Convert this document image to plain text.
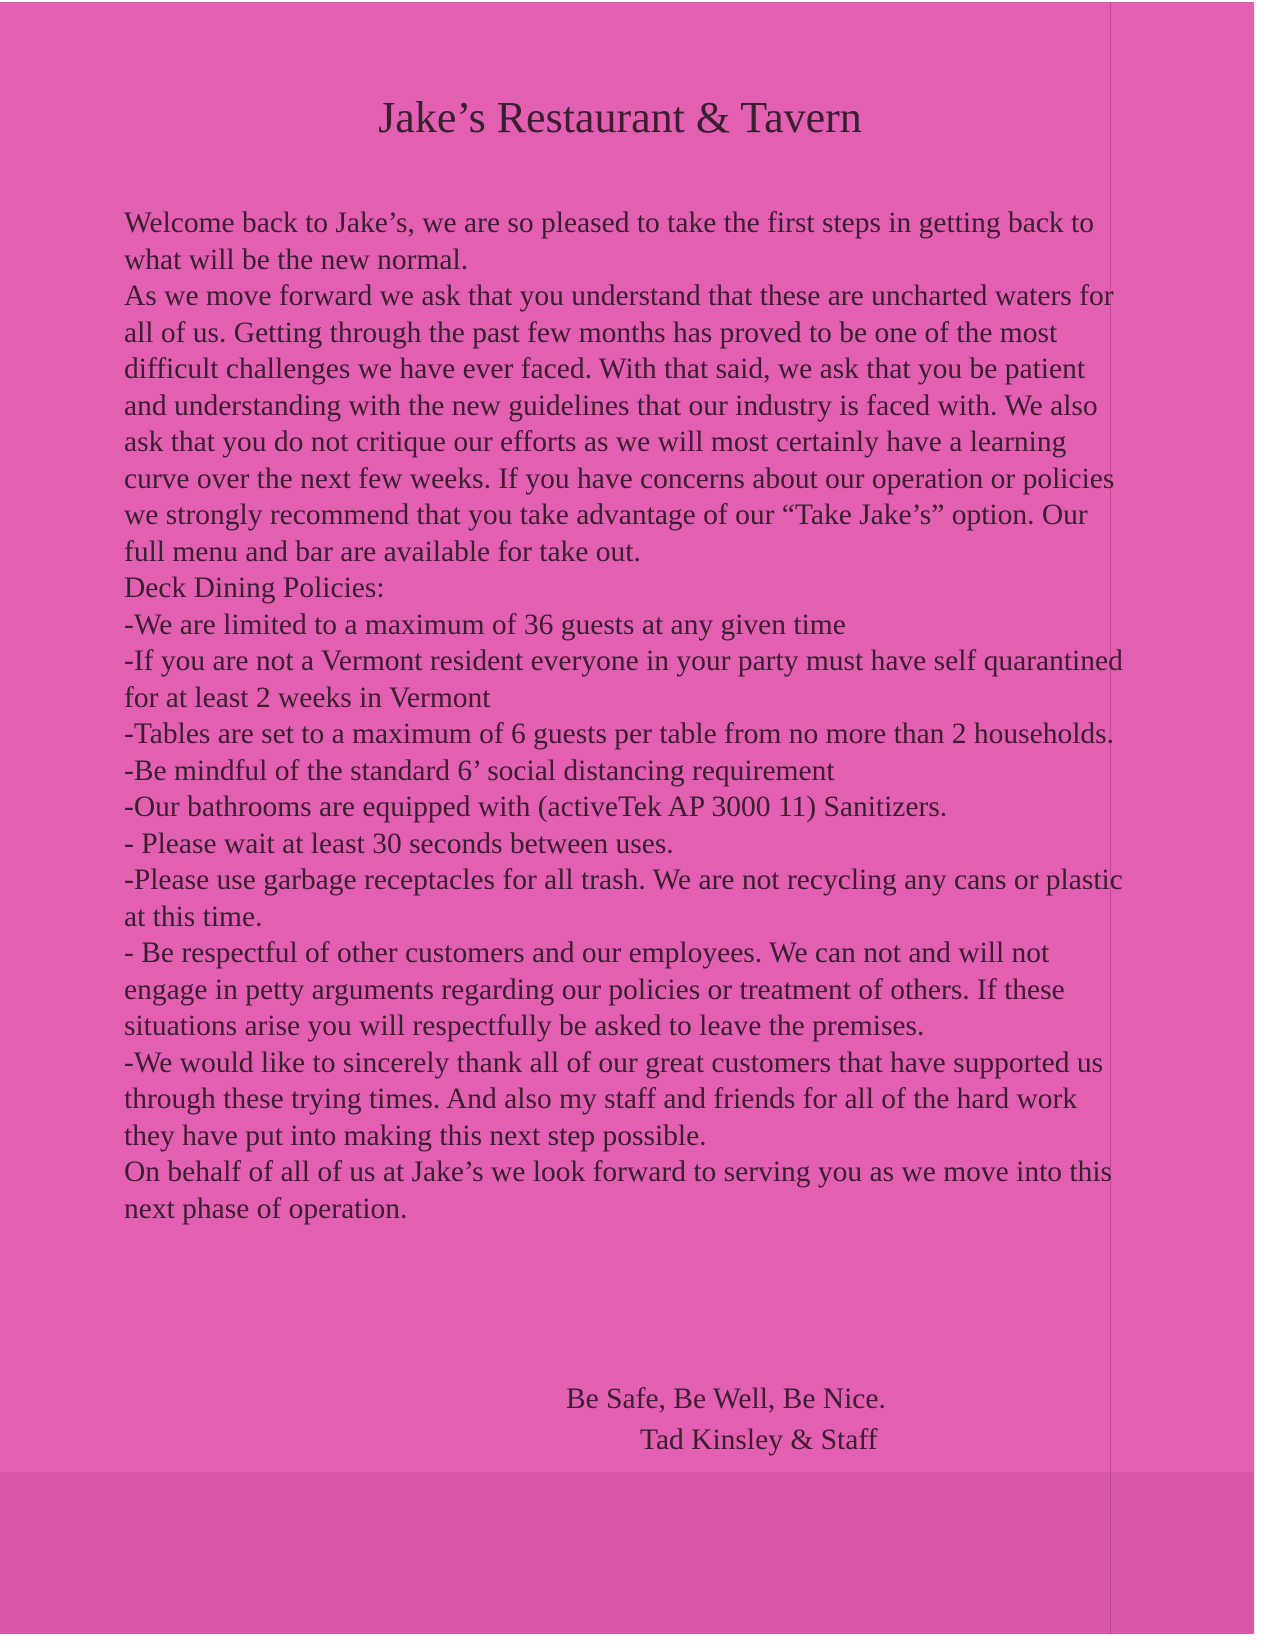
Jake’s Restaurant & Tavern

Welcome back to Jake’s, we are so pleased to take the first steps in getting back to what will be the new normal.

As we move forward we ask that you understand that these are uncharted waters for all of us. Getting through the past few months has proved to be one of the most difficult challenges we have ever faced. With that said, we ask that you be patient and understanding with the new guidelines that our industry is faced with. We also ask that you do not critique our efforts as we will most certainly have a learning curve over the next few weeks. If you have concerns about our operation or policies we strongly recommend that you take advantage of our “Take Jake’s” option. Our full menu and bar are available for take out.

Deck Dining Policies:

-We are limited to a maximum of 36 guests at any given time

-If you are not a Vermont resident everyone in your party must have self quarantined for at least 2 weeks in Vermont

-Tables are set to a maximum of 6 guests per table from no more than 2 households.

-Be mindful of the standard 6’ social distancing requirement

-Our bathrooms are equipped with (activeTek AP 3000 11) Sanitizers.

- Please wait at least 30 seconds between uses.

-Please use garbage receptacles for all trash. We are not recycling any cans or plastic at this time.

- Be respectful of other customers and our employees. We can not and will not engage in petty arguments regarding our policies or treatment of others. If these situations arise you will respectfully be asked to leave the premises.

-We would like to sincerely thank all of our great customers that have supported us through these trying times. And also my staff and friends for all of the hard work they have put into making this next step possible.

On behalf of all of us at Jake’s we look forward to serving you as we move into this next phase of operation.

Be Safe, Be Well, Be Nice.
Tad Kinsley & Staff
